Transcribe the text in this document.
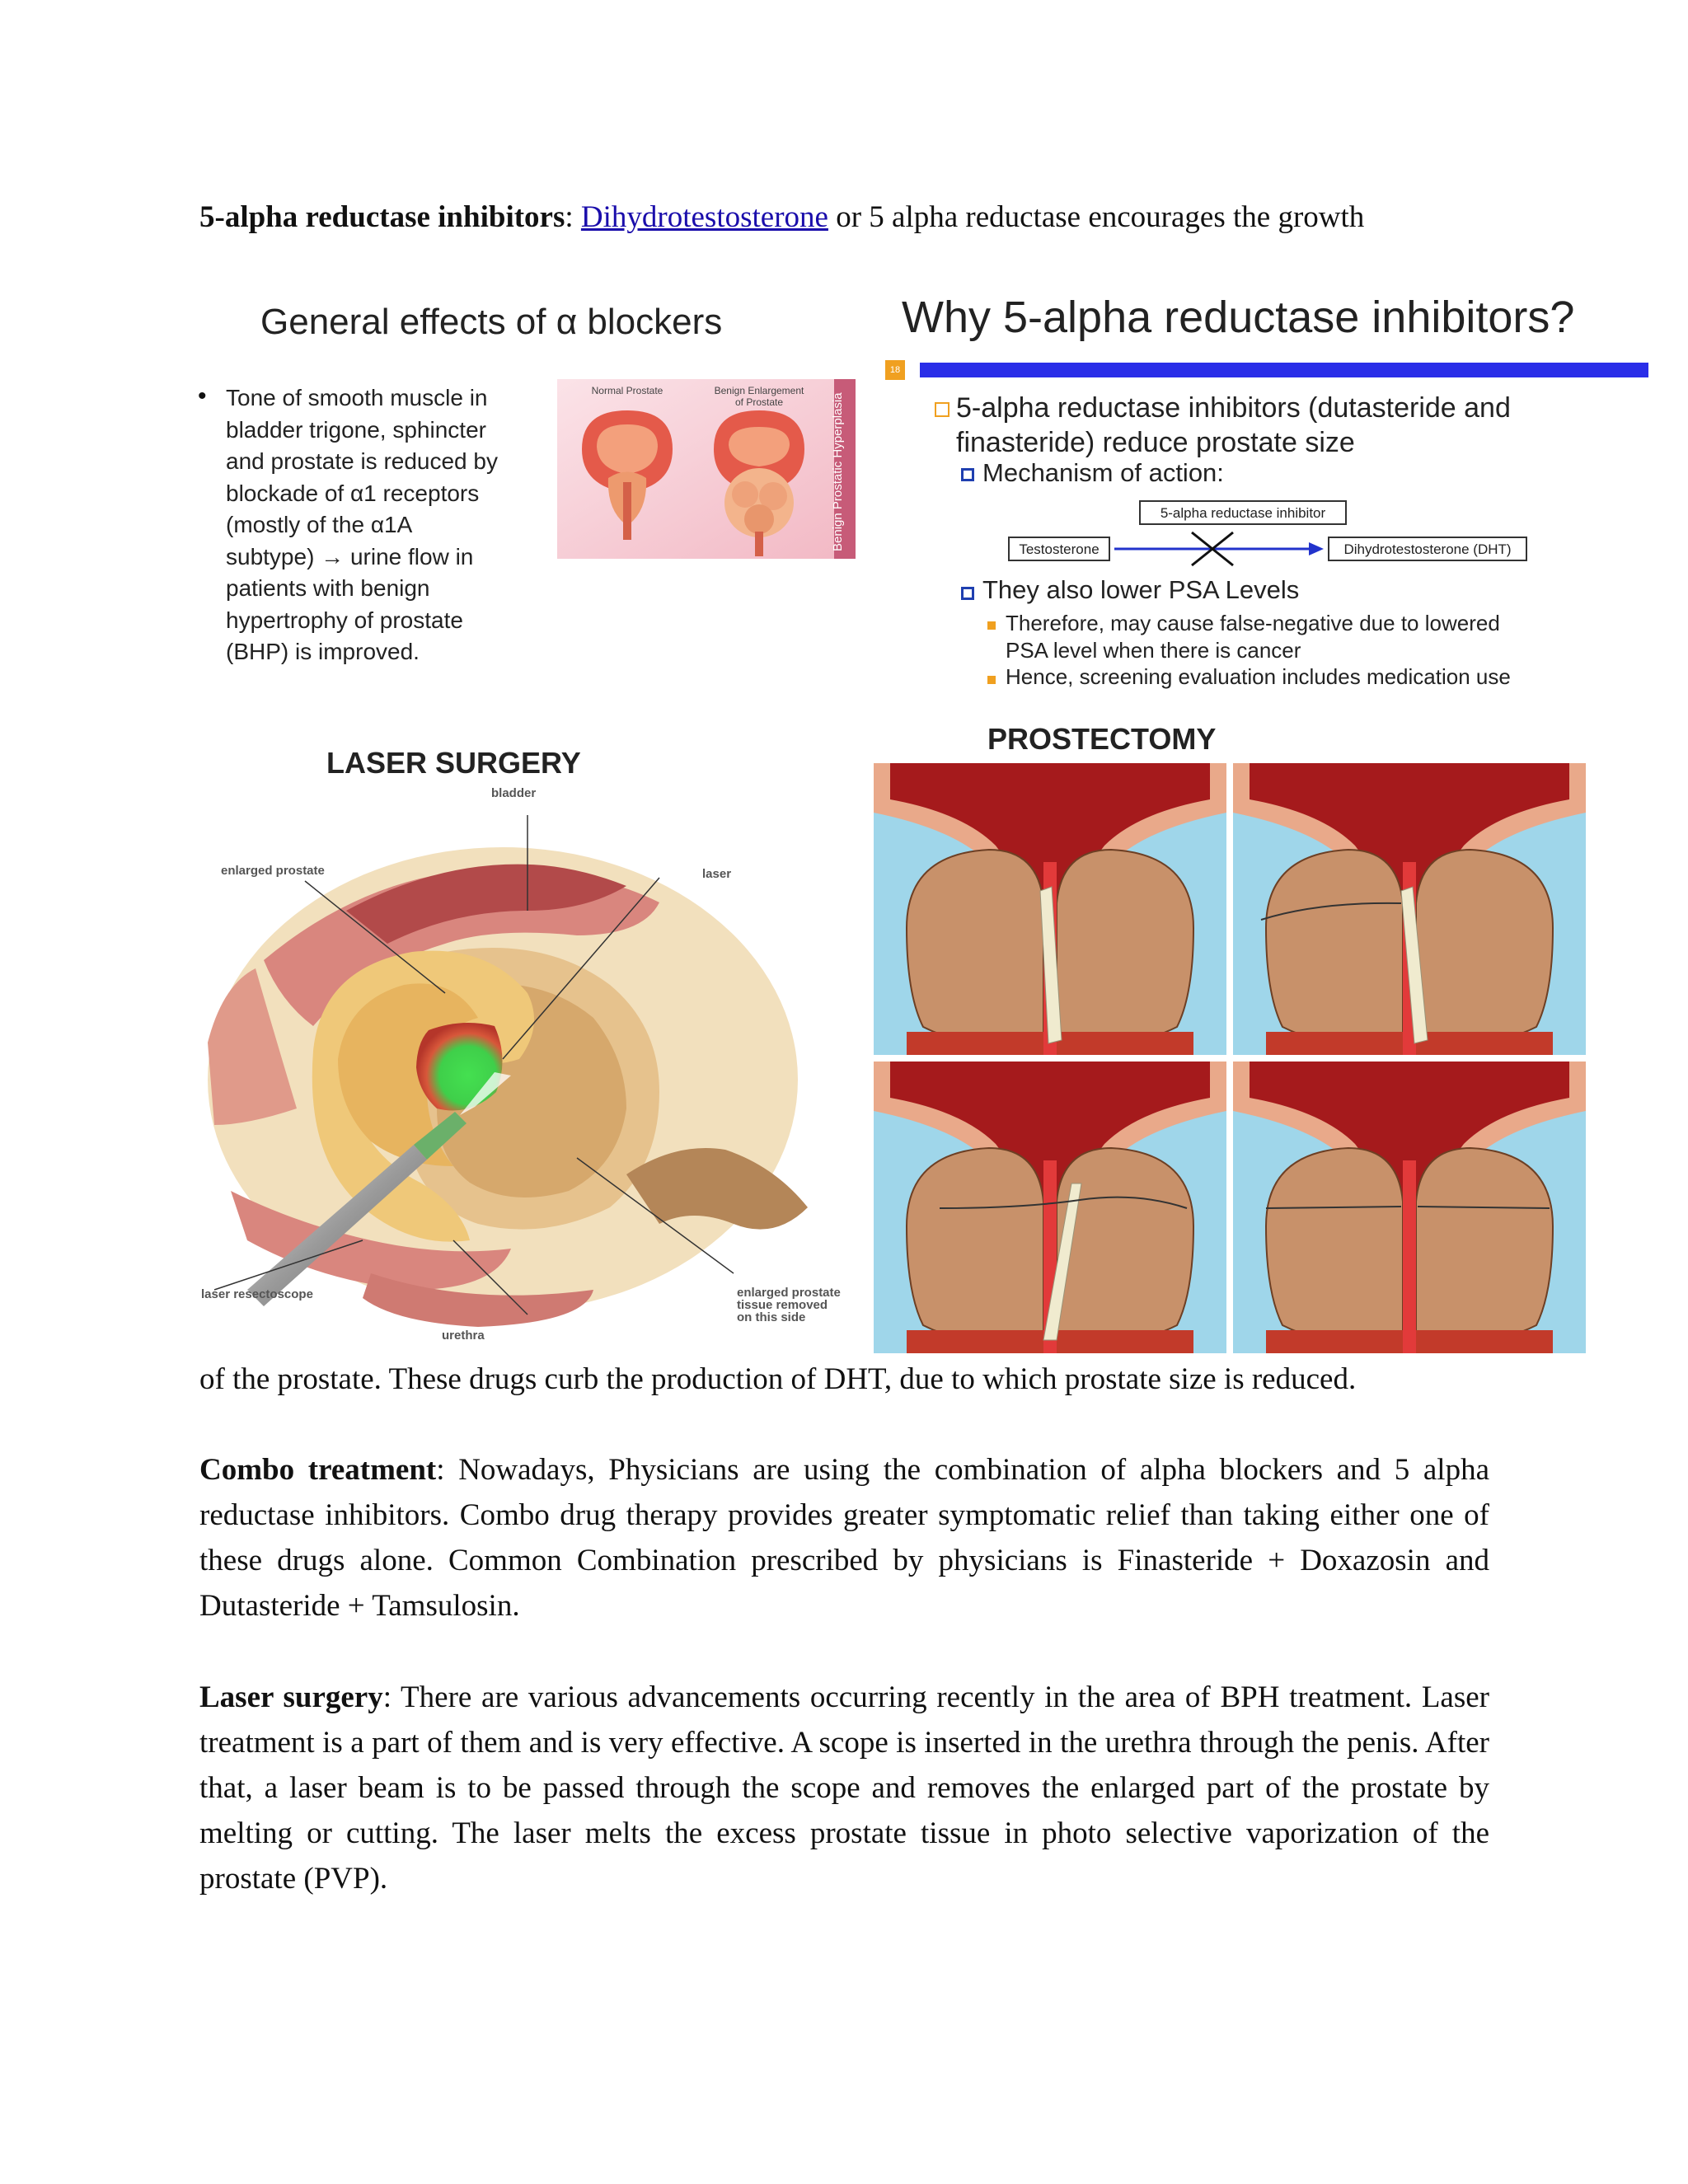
5-alpha reductase inhibitors: Dihydrotestosterone or 5 alpha reductase encourages the growth
General effects of α blockers
• Tone of smooth muscle in
bladder trigone, sphincter
and prostate is reduced by
blockade of α1 receptors
(mostly of the α1A
subtype) → urine flow in
patients with benign
hypertrophy of prostate
(BHP) is improved.
Benign Prostatic Hyperplasia
Normal Prostate	Benign Enlargement
of Prostate
Why 5-alpha reductase inhibitors?
18
5-alpha reductase inhibitors (dutasteride and
finasteride) reduce prostate size
Mechanism of action:
5-alpha reductase inhibitor
Testosterone	Dihydrotestosterone (DHT)
They also lower PSA Levels
Therefore, may cause false-negative due to lowered
PSA level when there is cancer
Hence, screening evaluation includes medication use
LASER SURGERY
bladder
enlarged prostate	laser
laser resectoscope	enlarged prostate
tissue removed
on this side
urethra
PROSTECTOMY
of the prostate. These drugs curb the production of DHT, due to which prostate size is reduced.
Combo treatment: Nowadays, Physicians are using the combination of alpha blockers and 5 alpha reductase inhibitors. Combo drug therapy provides greater symptomatic relief than taking either one of these drugs alone. Common Combination prescribed by physicians is Finasteride + Doxazosin and Dutasteride + Tamsulosin.
Laser surgery: There are various advancements occurring recently in the area of BPH treatment. Laser treatment is a part of them and is very effective. A scope is inserted in the urethra through the penis. After that, a laser beam is to be passed through the scope and removes the enlarged part of the prostate by melting or cutting. The laser melts the excess prostate tissue in photo selective vaporization of the prostate (PVP).
